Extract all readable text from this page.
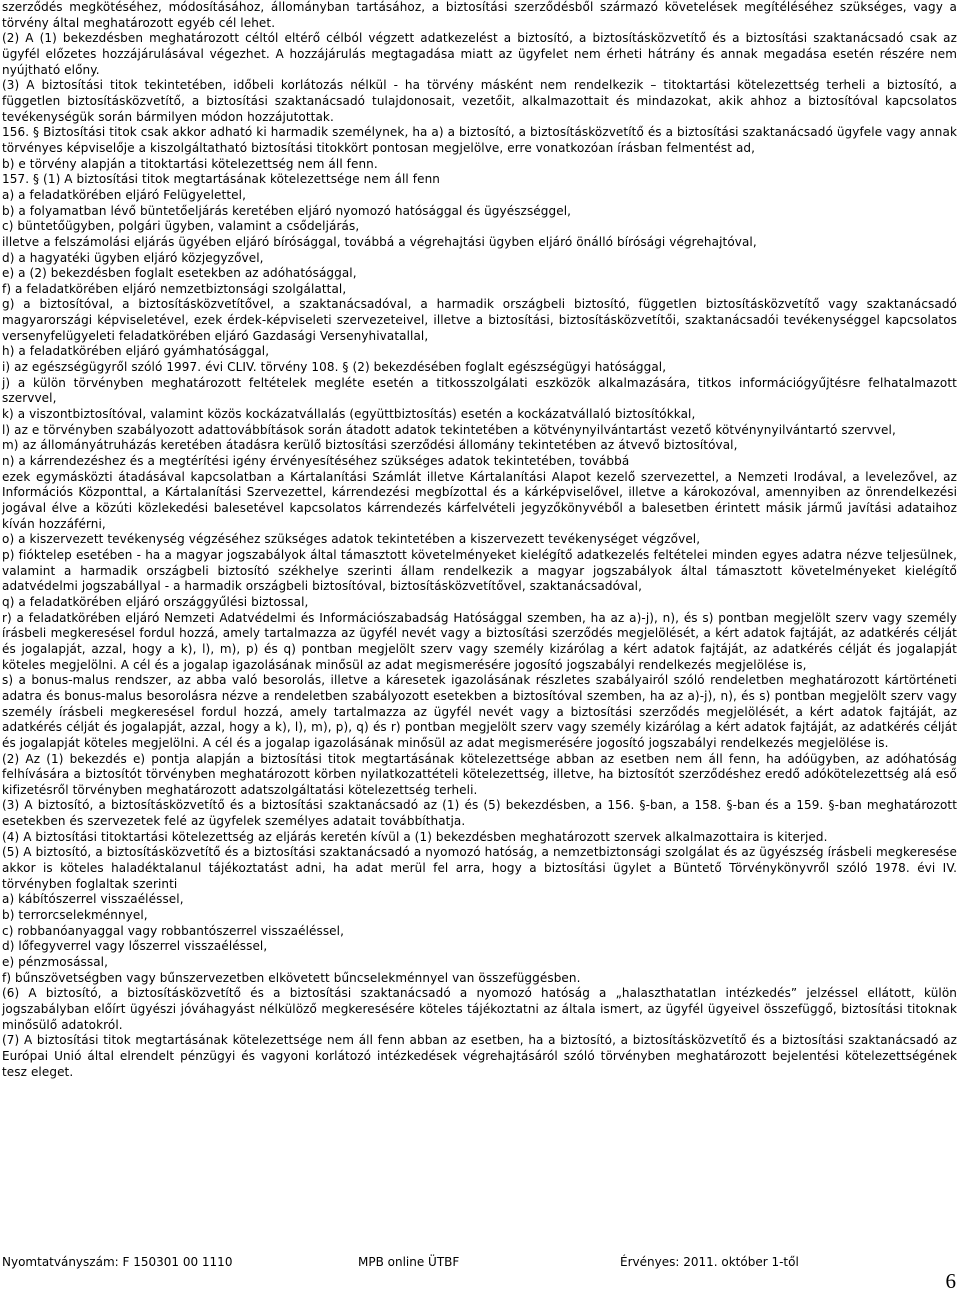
szerződés megkötéséhez, módosításához, állományban tartásához, a biztosítási szerződésből származó követelések megítéléséhez szükséges, vagy a törvény által meghatározott egyéb cél lehet.

(2) A (1) bekezdésben meghatározott céltól eltérő célból végzett adatkezelést a biztosító, a biztosításközvetítő és a biztosítási szaktanácsadó csak az ügyfél előzetes hozzájárulásával végezhet. A hozzájárulás megtagadása miatt az ügyfelet nem érheti hátrány és annak megadása esetén részére nem nyújtható előny.

(3) A biztosítási titok tekintetében, időbeli korlátozás nélkül - ha törvény másként nem rendelkezik – titoktartási kötelezettség terheli a biztosító, a független biztosításközvetítő, a biztosítási szaktanácsadó tulajdonosait, vezetőit, alkalmazottait és mindazokat, akik ahhoz a biztosítóval kapcsolatos tevékenységük során bármilyen módon hozzájutottak.

156. § Biztosítási titok csak akkor adható ki harmadik személynek, ha a) a biztosító, a biztosításközvetítő és a biztosítási szaktanácsadó ügyfele vagy annak törvényes képviselője a kiszolgáltatható biztosítási titokkört pontosan megjelölve, erre vonatkozóan írásban felmentést ad,

b) e törvény alapján a titoktartási kötelezettség nem áll fenn.

157. § (1) A biztosítási titok megtartásának kötelezettsége nem áll fenn

a) a feladatkörében eljáró Felügyelettel,

b) a folyamatban lévő büntetőeljárás keretében eljáró nyomozó hatósággal és ügyészséggel,

c) büntetőügyben, polgári ügyben, valamint a csődeljárás,

illetve a felszámolási eljárás ügyében eljáró bírósággal, továbbá a végrehajtási ügyben eljáró önálló bírósági végrehajtóval,

d) a hagyatéki ügyben eljáró közjegyzővel,

e) a (2) bekezdésben foglalt esetekben az adóhatósággal,

f) a feladatkörében eljáró nemzetbiztonsági szolgálattal,

g) a biztosítóval, a biztosításközvetítővel, a szaktanácsadóval, a harmadik országbeli biztosító, független biztosításközvetítő vagy szaktanácsadó magyarországi képviseletével, ezek érdek-képviseleti szervezeteivel, illetve a biztosítási, biztosításközvetítői, szaktanácsadói tevékenységgel kapcsolatos versenyfelügyeleti feladatkörében eljáró Gazdasági Versenyhivatallal,

h) a feladatkörében eljáró gyámhatósággal,

i) az egészségügyről szóló 1997. évi CLIV. törvény 108. § (2) bekezdésében foglalt egészségügyi hatósággal,

j) a külön törvényben meghatározott feltételek megléte esetén a titkosszolgálati eszközök alkalmazására, titkos információgyűjtésre felhatalmazott szervvel,

k) a viszontbiztosítóval, valamint közös kockázatvállalás (együttbiztosítás) esetén a kockázatvállaló biztosítókkal,

l) az e törvényben szabályozott adattovábbítások során átadott adatok tekintetében a kötvénynyilvántartást vezető kötvénynyilvántartó szervvel,

m) az állományátruházás keretében átadásra kerülő biztosítási szerződési állomány tekintetében az átvevő biztosítóval,

n) a kárrendezéshez és a megtérítési igény érvényesítéséhez szükséges adatok tekintetében, továbbá

ezek egymásközti átadásával kapcsolatban a Kártalanítási Számlát illetve Kártalanítási Alapot kezelő szervezettel, a Nemzeti Irodával, a levelezővel, az Információs Központtal, a Kártalanítási Szervezettel, kárrendezési megbízottal és a kárképviselővel, illetve a károkozóval, amennyiben az önrendelkezési jogával élve a közúti közlekedési balesetével kapcsolatos kárrendezés kárfelvételi jegyzőkönyvéből a balesetben érintett másik jármű javítási adataihoz kíván hozzáférni,

o) a kiszervezett tevékenység végzéséhez szükséges adatok tekintetében a kiszervezett tevékenységet végzővel,

p) fióktelep esetében - ha a magyar jogszabályok által támasztott követelményeket kielégítő adatkezelés feltételei minden egyes adatra nézve teljesülnek, valamint a harmadik országbeli biztosító székhelye szerinti állam rendelkezik a magyar jogszabályok által támasztott követelményeket kielégítő adatvédelmi jogszabállyal - a harmadik országbeli biztosítóval, biztosításközvetítővel, szaktanácsadóval,

q) a feladatkörében eljáró országgyűlési biztossal,

r) a feladatkörében eljáró Nemzeti Adatvédelmi és Információszabadság Hatósággal szemben, ha az a)-j), n), és s) pontban megjelölt szerv vagy személy írásbeli megkeresésel fordul hozzá, amely tartalmazza az ügyfél nevét vagy a biztosítási szerződés megjelölését, a kért adatok fajtáját, az adatkérés célját és jogalapját, azzal, hogy a k), l), m), p) és q) pontban megjelölt szerv vagy személy kizárólag a kért adatok fajtáját, az adatkérés célját és jogalapját köteles megjelölni. A cél és a jogalap igazolásának minősül az adat megismerésére jogosító jogszabályi rendelkezés megjelölése is,

s) a bonus-malus rendszer, az abba való besorolás, illetve a káresetek igazolásának részletes szabályairól szóló rendeletben meghatározott kártörténeti adatra és bonus-malus besorolásra nézve a rendeletben szabályozott esetekben a biztosítóval szemben, ha az a)-j), n), és s) pontban megjelölt szerv vagy személy írásbeli megkeresésel fordul hozzá, amely tartalmazza az ügyfél nevét vagy a biztosítási szerződés megjelölését, a kért adatok fajtáját, az adatkérés célját és jogalapját, azzal, hogy a k), l), m), p), q) és r) pontban megjelölt szerv vagy személy kizárólag a kért adatok fajtáját, az adatkérés célját és jogalapját köteles megjelölni. A cél és a jogalap igazolásának minősül az adat megismerésére jogosító jogszabályi rendelkezés megjelölése is.

(2) Az (1) bekezdés e) pontja alapján a biztosítási titok megtartásának kötelezettsége abban az esetben nem áll fenn, ha adóügyben, az adóhatóság felhívására a biztosítót törvényben meghatározott körben nyilatkozattételi kötelezettség, illetve, ha biztosítót szerződéshez eredő adókötelezettség alá eső kifizetésről törvényben meghatározott adatszolgáltatási kötelezettség terheli.

(3) A biztosító, a biztosításközvetítő és a biztosítási szaktanácsadó az (1) és (5) bekezdésben, a 156. §-ban, a 158. §-ban és a 159. §-ban meghatározott esetekben és szervezetek felé az ügyfelek személyes adatait továbbíthatja.

(4) A biztosítási titoktartási kötelezettség az eljárás keretén kívül a (1) bekezdésben meghatározott szervek alkalmazottaira is kiterjed.

(5) A biztosító, a biztosításközvetítő és a biztosítási szaktanácsadó a nyomozó hatóság, a nemzetbiztonsági szolgálat és az ügyészség írásbeli megkeresése akkor is köteles haladéktalanul tájékoztatást adni, ha adat merül fel arra, hogy a biztosítási ügylet a Büntető Törvénykönyvről szóló 1978. évi IV. törvényben foglaltak szerinti

a) kábítószerrel visszaéléssel,

b) terrorcselekménnyel,

c) robbanóanyaggal vagy robbantószerrel visszaéléssel,

d) lőfegyverrel vagy lőszerrel visszaéléssel,

e) pénzmosással,

f) bűnszövetségben vagy bűnszervezetben elkövetett bűncselekménnyel van összefüggésben.

(6) A biztosító, a biztosításközvetítő és a biztosítási szaktanácsadó a nyomozó hatóság a „halaszthatatlan intézkedés” jelzéssel ellátott, külön jogszabályban előírt ügyészi jóváhagyást nélkülöző megkeresésére köteles tájékoztatni az általa ismert, az ügyfél ügyeivel összefüggő, biztosítási titoknak minősülő adatokról.

(7) A biztosítási titok megtartásának kötelezettsége nem áll fenn abban az esetben, ha a biztosító, a biztosításközvetítő és a biztosítási szaktanácsadó az Európai Unió által elrendelt pénzügyi és vagyoni korlátozó intézkedések végrehajtásáról szóló törvényben meghatározott bejelentési kötelezettségének tesz eleget.

Nyomtatványszám: F 150301 00 1110	MPB online ÜTBF	Érvényes: 2011. október 1-től
6
